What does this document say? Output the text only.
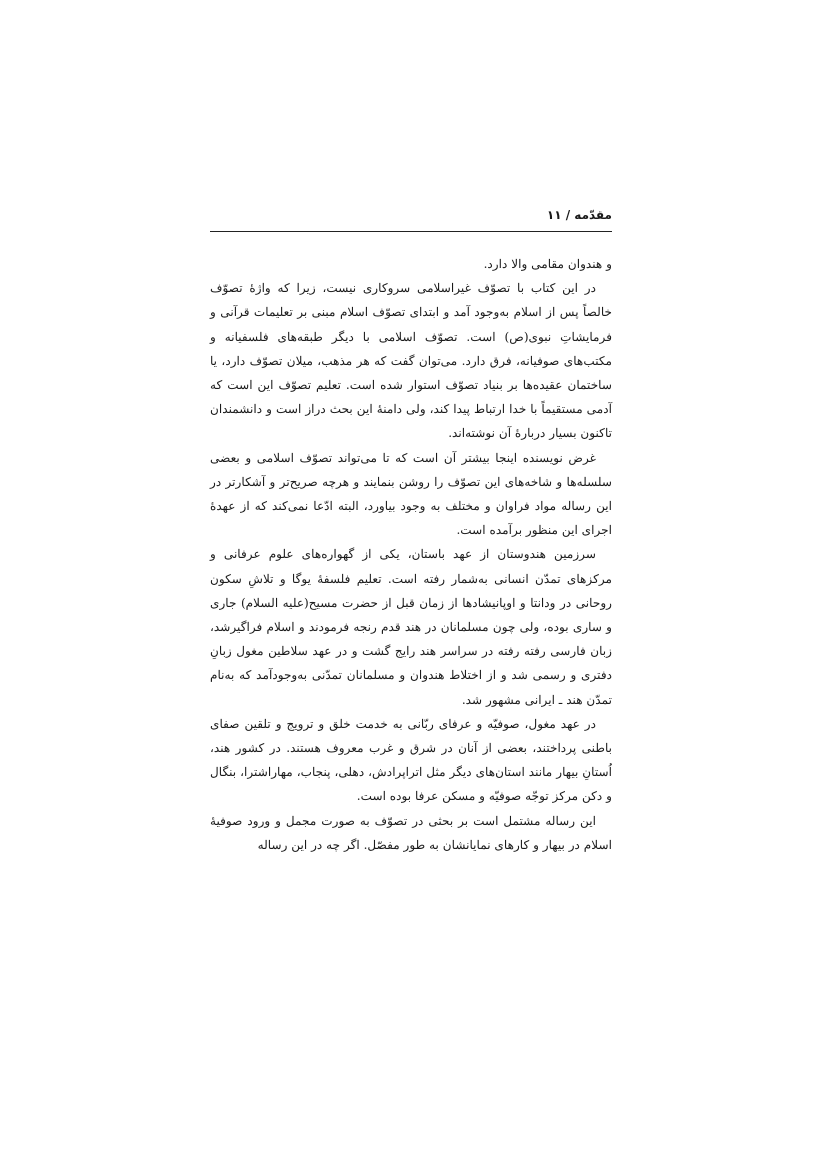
مقدّمه / ۱۱

و هندوان مقامی والا دارد.

در این کتاب با تصوّف غیراسلامی سروکاری نیست، زیرا که واژهٔ تصوّف خالصاً پس از اسلام به‌وجود آمد و ابتدای تصوّف اسلام مبنی بر تعلیمات قرآنی و فرمایشاتِ نبوی(ص) است. تصوّف اسلامی با دیگر طبقه‌های فلسفیانه و مکتب‌های صوفیانه، فرق دارد. می‌توان گفت که هر مذهب، میلان تصوّف دارد، یا ساختمان عقیده‌ها بر بنیاد تصوّف استوار شده است. تعلیم تصوّف این است که آدمی مستقیماً با خدا ارتباط پیدا کند، ولی دامنهٔ این بحث دراز است و دانشمندان تاکنون بسیار دربارهٔ آن نوشته‌اند.

غرض نویسنده اینجا بیشتر آن است که تا می‌تواند تصوّف اسلامی و بعضی سلسله‌ها و شاخه‌های این تصوّف را روشن بنمایند و هرچه صریح‌تر و آشکارتر در این رساله مواد فراوان و مختلف به وجود بیاورد، البته ادّعا نمی‌کند که از عهدهٔ اجرای این منظور برآمده است.

سرزمین هندوستان از عهد باستان، یکی از گهواره‌های علوم عرفانی و مرکزهای تمدّن انسانی به‌شمار رفته است. تعلیم فلسفهٔ یوگا و تلاشِ سکون روحانی در ودانتا و اوپانیشادها از زمان قبل از حضرت مسیح(علیه السلام) جاری و ساری بوده، ولی چون مسلمانان در هند قدم رنجه فرمودند و اسلام فراگیرشد، زبان فارسی رفته رفته در سراسر هند رایج گشت و در عهد سلاطین مغول زبانِ دفتری و رسمی شد و از اختلاط هندوان و مسلمانان تمدّنی به‌وجودآمد که به‌نام تمدّن هند ـ ایرانی مشهور شد.

در عهد مغول، صوفیّه و عرفای ربّانی به خدمت خلق و ترویج و تلقین صفای باطنی پرداختند، بعضی از آنان در شرق و غرب معروف هستند. در کشور هند، اُستانِ بیهار مانند استان‌های دیگر مثل اتراپرادش، دهلی، پنجاب، مهاراشترا، بنگال و دکن مرکز توجّه صوفیّه و مسکن عرفا بوده است.

این رساله مشتمل است بر بحثی در تصوّف به صورت مجمل و ورود صوفیهٔ اسلام در بیهار و کارهای نمایانشان به طور مفصّل. اگر چه در این رساله
